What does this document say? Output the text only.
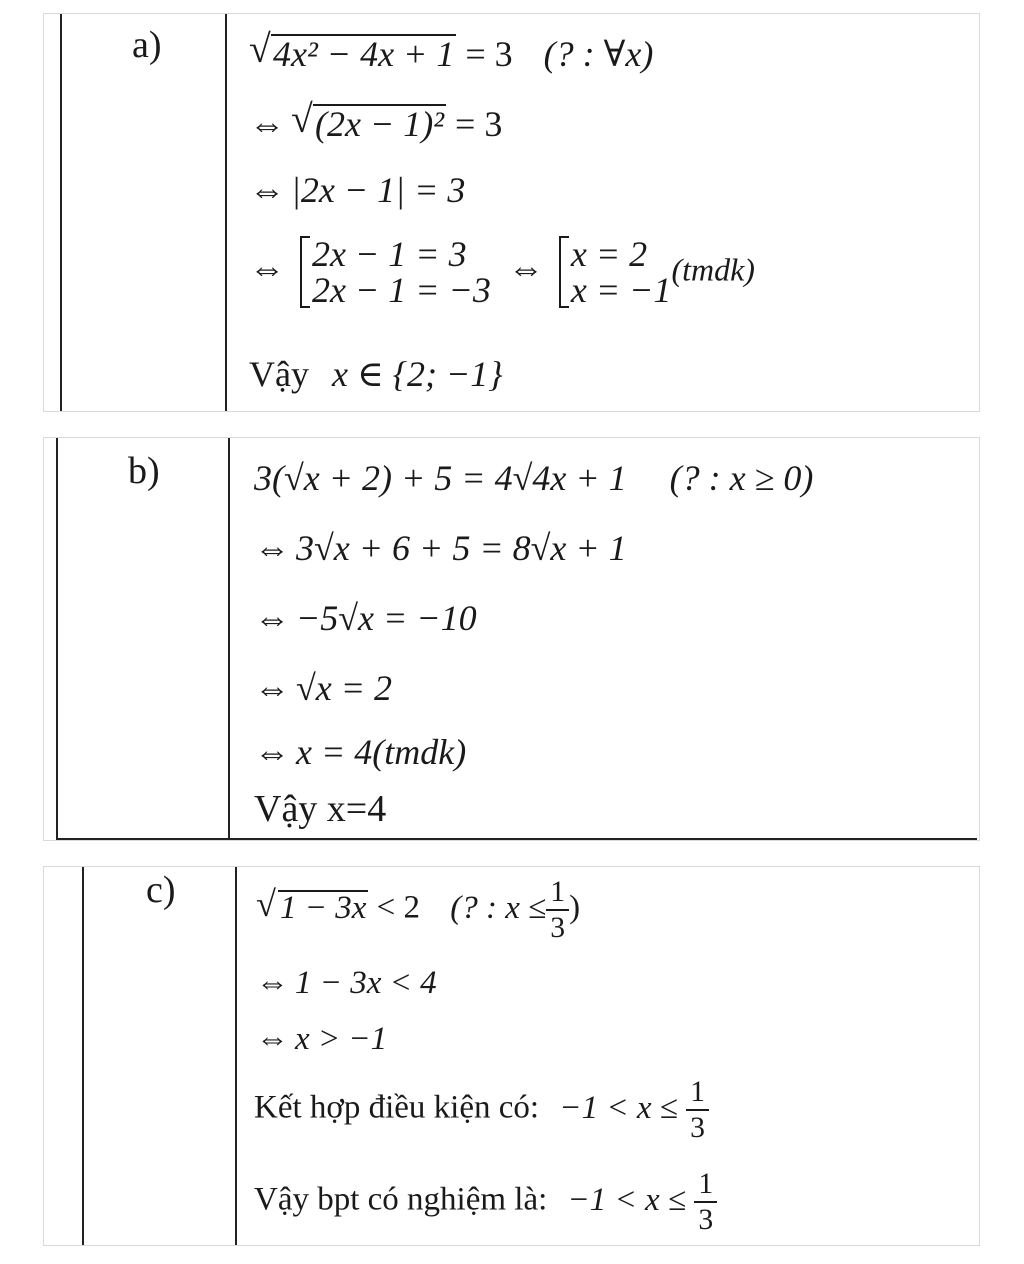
a)	√ 4x² − 4x + 1 = 3 (? : ∀x)
⇔ √ (2x − 1)² = 3
⇔ |2x − 1| = 3
⇔ 2x − 1 = 3
2x − 1 = −3
⇔ x = 2
x = −1
(tmdk)
Vậy x ∈ {2; −1}
b)	3(√x + 2) + 5 = 4√4x + 1 (? : x ≥ 0)
⇔ 3√x + 6 + 5 = 8√x + 1
⇔ −5√x = −10
⇔ √x = 2
⇔ x = 4(tmdk)
Vậy x=4
c)	√ 1 − 3x < 2 (? : $x \le \frac{1}{3}$ )
⇔ 1 − 3x < 4
⇔ x > −1
Kết hợp điều kiện có: $-1 < x \le \frac{1}{3}$
Vậy bpt có nghiệm là: $-1 < x \le \frac{1}{3}$
